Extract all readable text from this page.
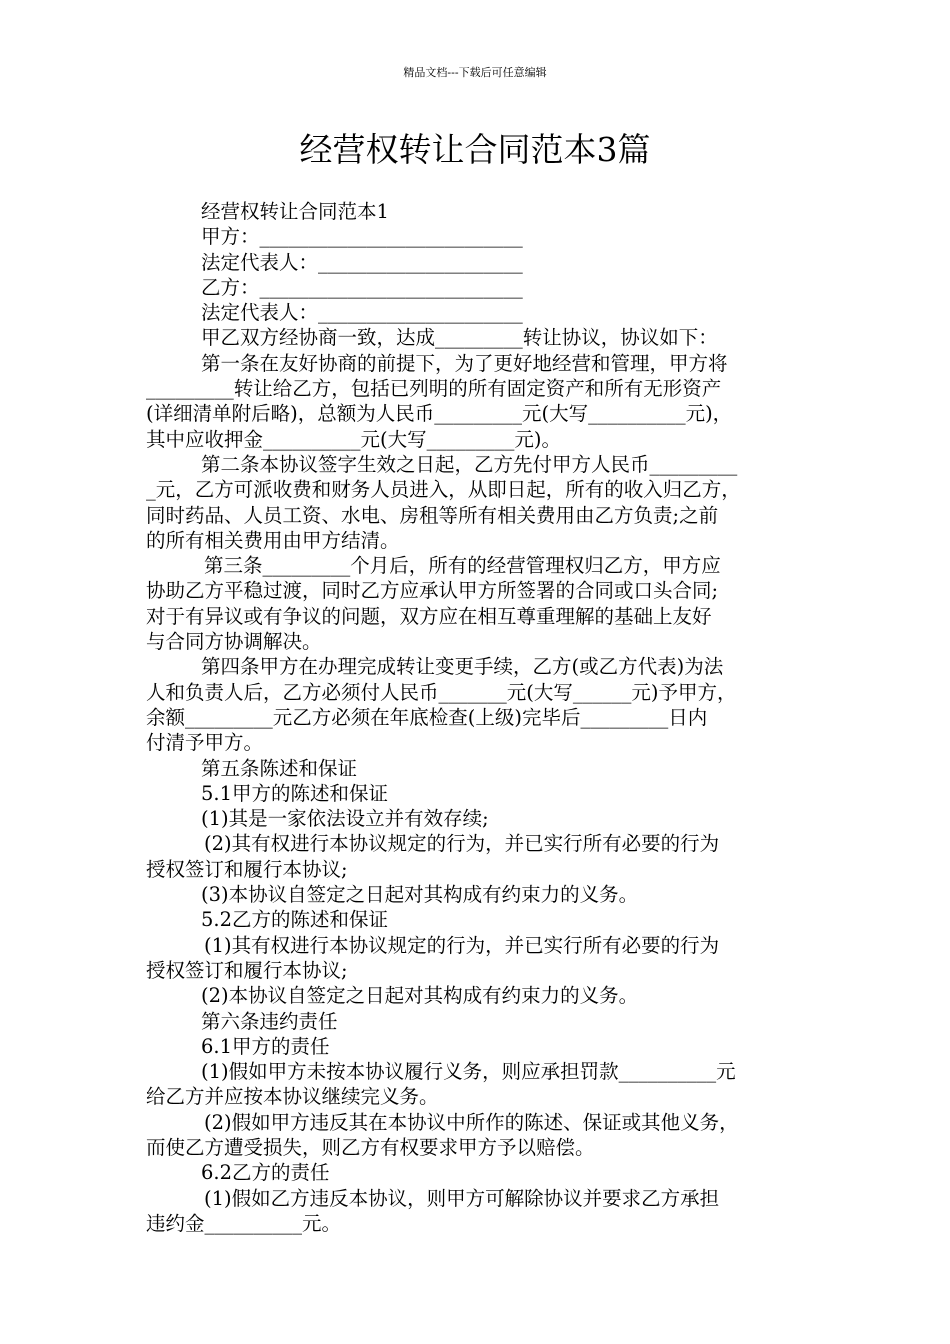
精品文档---下载后可任意编辑
经营权转让合同范本3篇
经营权转让合同范本1
甲方：___________________________
法定代表人：_____________________
乙方：___________________________
法定代表人：_____________________
甲乙双方经协商一致，达成_________转让协议，协议如下：
第一条在友好协商的前提下，为了更好地经营和管理，甲方将
_________转让给乙方，包括已列明的所有固定资产和所有无形资产
(详细清单附后略)，总额为人民币_________元(大写__________元)，
其中应收押金__________元(大写_________元)。
第二条本协议签字生效之日起，乙方先付甲方人民币_________
_元，乙方可派收费和财务人员进入，从即日起，所有的收入归乙方，
同时药品、人员工资、水电、房租等所有相关费用由乙方负责;之前
的所有相关费用由甲方结清。
第三条_________个月后，所有的经营管理权归乙方，甲方应
协助乙方平稳过渡，同时乙方应承认甲方所签署的合同或口头合同;
对于有异议或有争议的问题，双方应在相互尊重理解的基础上友好
与合同方协调解决。
第四条甲方在办理完成转让变更手续，乙方(或乙方代表)为法
人和负责人后，乙方必须付人民币_______元(大写______元)予甲方，
余额_________元乙方必须在年底检查(上级)完毕后_________日内
付清予甲方。
第五条陈述和保证
5.1甲方的陈述和保证
(1)其是一家依法设立并有效存续;
(2)其有权进行本协议规定的行为，并已实行所有必要的行为
授权签订和履行本协议;
(3)本协议自签定之日起对其构成有约束力的义务。
5.2乙方的陈述和保证
(1)其有权进行本协议规定的行为，并已实行所有必要的行为
授权签订和履行本协议;
(2)本协议自签定之日起对其构成有约束力的义务。
第六条违约责任
6.1甲方的责任
(1)假如甲方未按本协议履行义务，则应承担罚款__________元
给乙方并应按本协议继续完义务。
(2)假如甲方违反其在本协议中所作的陈述、保证或其他义务，
而使乙方遭受损失，则乙方有权要求甲方予以赔偿。
6.2乙方的责任
(1)假如乙方违反本协议，则甲方可解除协议并要求乙方承担
违约金__________元。
